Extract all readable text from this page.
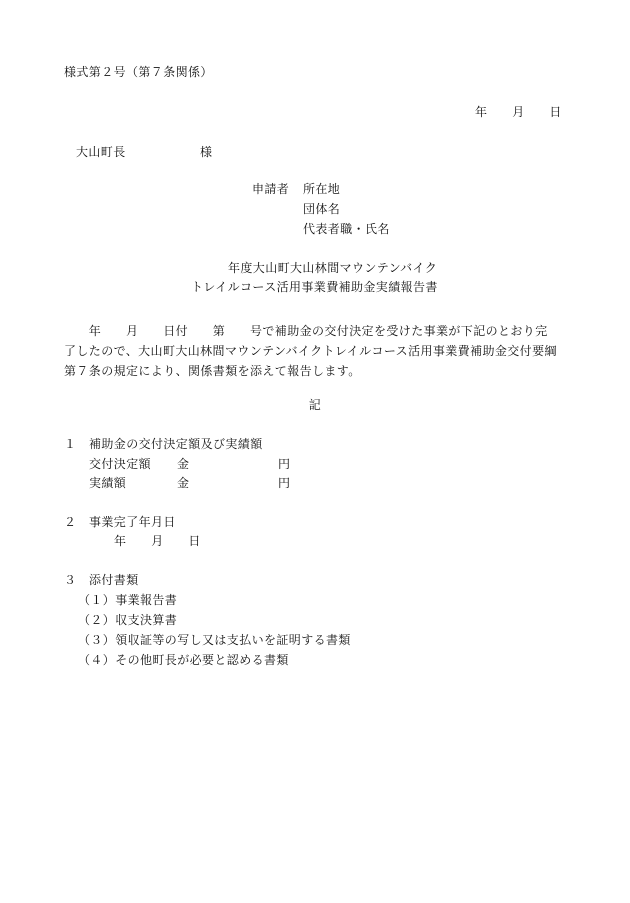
様式第２号（第７条関係）
年　　月　　日
大山町長	様
申請者 所在地
団体名
代表者職・氏名
年度大山町大山林間マウンテンバイク
トレイルコース活用事業費補助金実績報告書
　　年　　月　　日付　　第　　号で補助金の交付決定を受けた事業が下記のとおり完
了したので、大山町大山林間マウンテンバイクトレイルコース活用事業費補助金交付要綱
第７条の規定により、関係書類を添えて報告します。
記
１ 補助金の交付決定額及び実績額
交付決定額 金	円
実績額	金	円
２ 事業完了年月日
年　　月　　日
３ 添付書類
（１）事業報告書
（２）収支決算書
（３）領収証等の写し又は支払いを証明する書類
（４）その他町長が必要と認める書類
